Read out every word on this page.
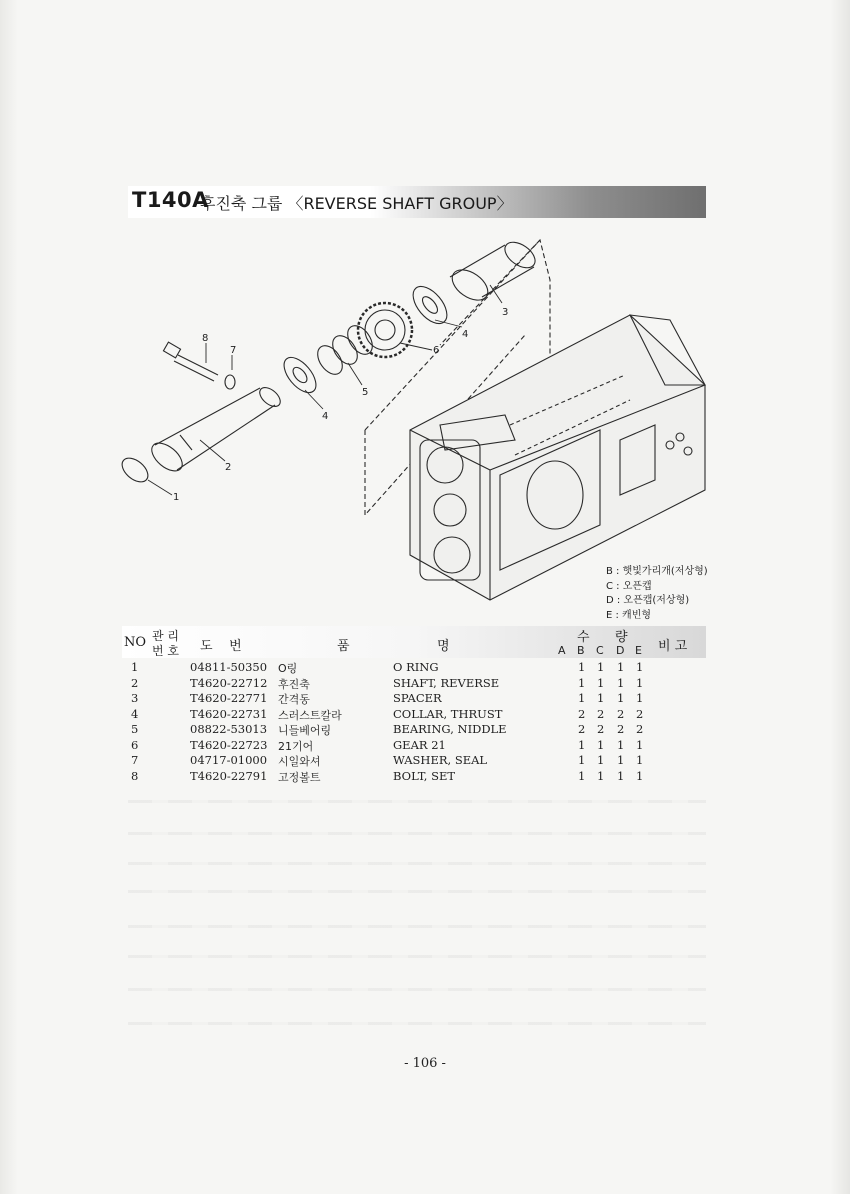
T140A
후진축 그룹 〈REVERSE SHAFT GROUP〉
1
2
3
4
4
5
6
7
8
B : 햇빛가리개(저상형)
C : 오픈캡
D : 오픈캡(저상형)
E : 캐빈형
NO 관 리
번 호 도    번	품	명
수 량
비 고
A B C D E
1	04811-50350 O링	O RING	1 1 1 1
2	T4620-22712 후진축	SHAFT, REVERSE	1 1 1 1
3	T4620-22771 간격동	SPACER	1 1 1 1
4	T4620-22731 스러스트칼라	COLLAR, THRUST	2 2 2 2
5	08822-53013 니들베어링	BEARING, NIDDLE	2 2 2 2
6	T4620-22723 21기어	GEAR 21	1 1 1 1
7	04717-01000 시일와셔	WASHER, SEAL	1 1 1 1
8	T4620-22791 고정볼트	BOLT, SET	1 1 1 1
- 106 -
